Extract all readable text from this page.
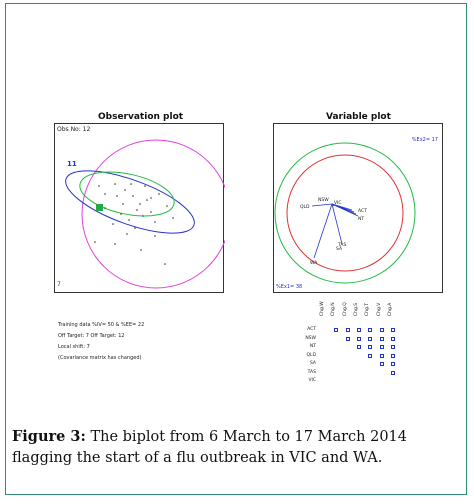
Observation plot
Obs No: 12
11
7
Training data %IV= 50 & %EE= 22
Off Target: 7 Off Target: 12
Local shift: 7
(Covariance matrix has changed)
Variable plot
%Ex2= 17
%Ex1= 38
WA
SA
TAS
QLD
NSW
VIC
ACT
NT
Chg.W Chg.N Chg.Q Chg.S Chg.T Chg.V Chg.A
ACT
NSW
NT
QLD
SA
TAS
VIC
Figure 3: The biplot from 6 March to 17 March 2014 flagging the start of a flu outbreak in VIC and WA.
